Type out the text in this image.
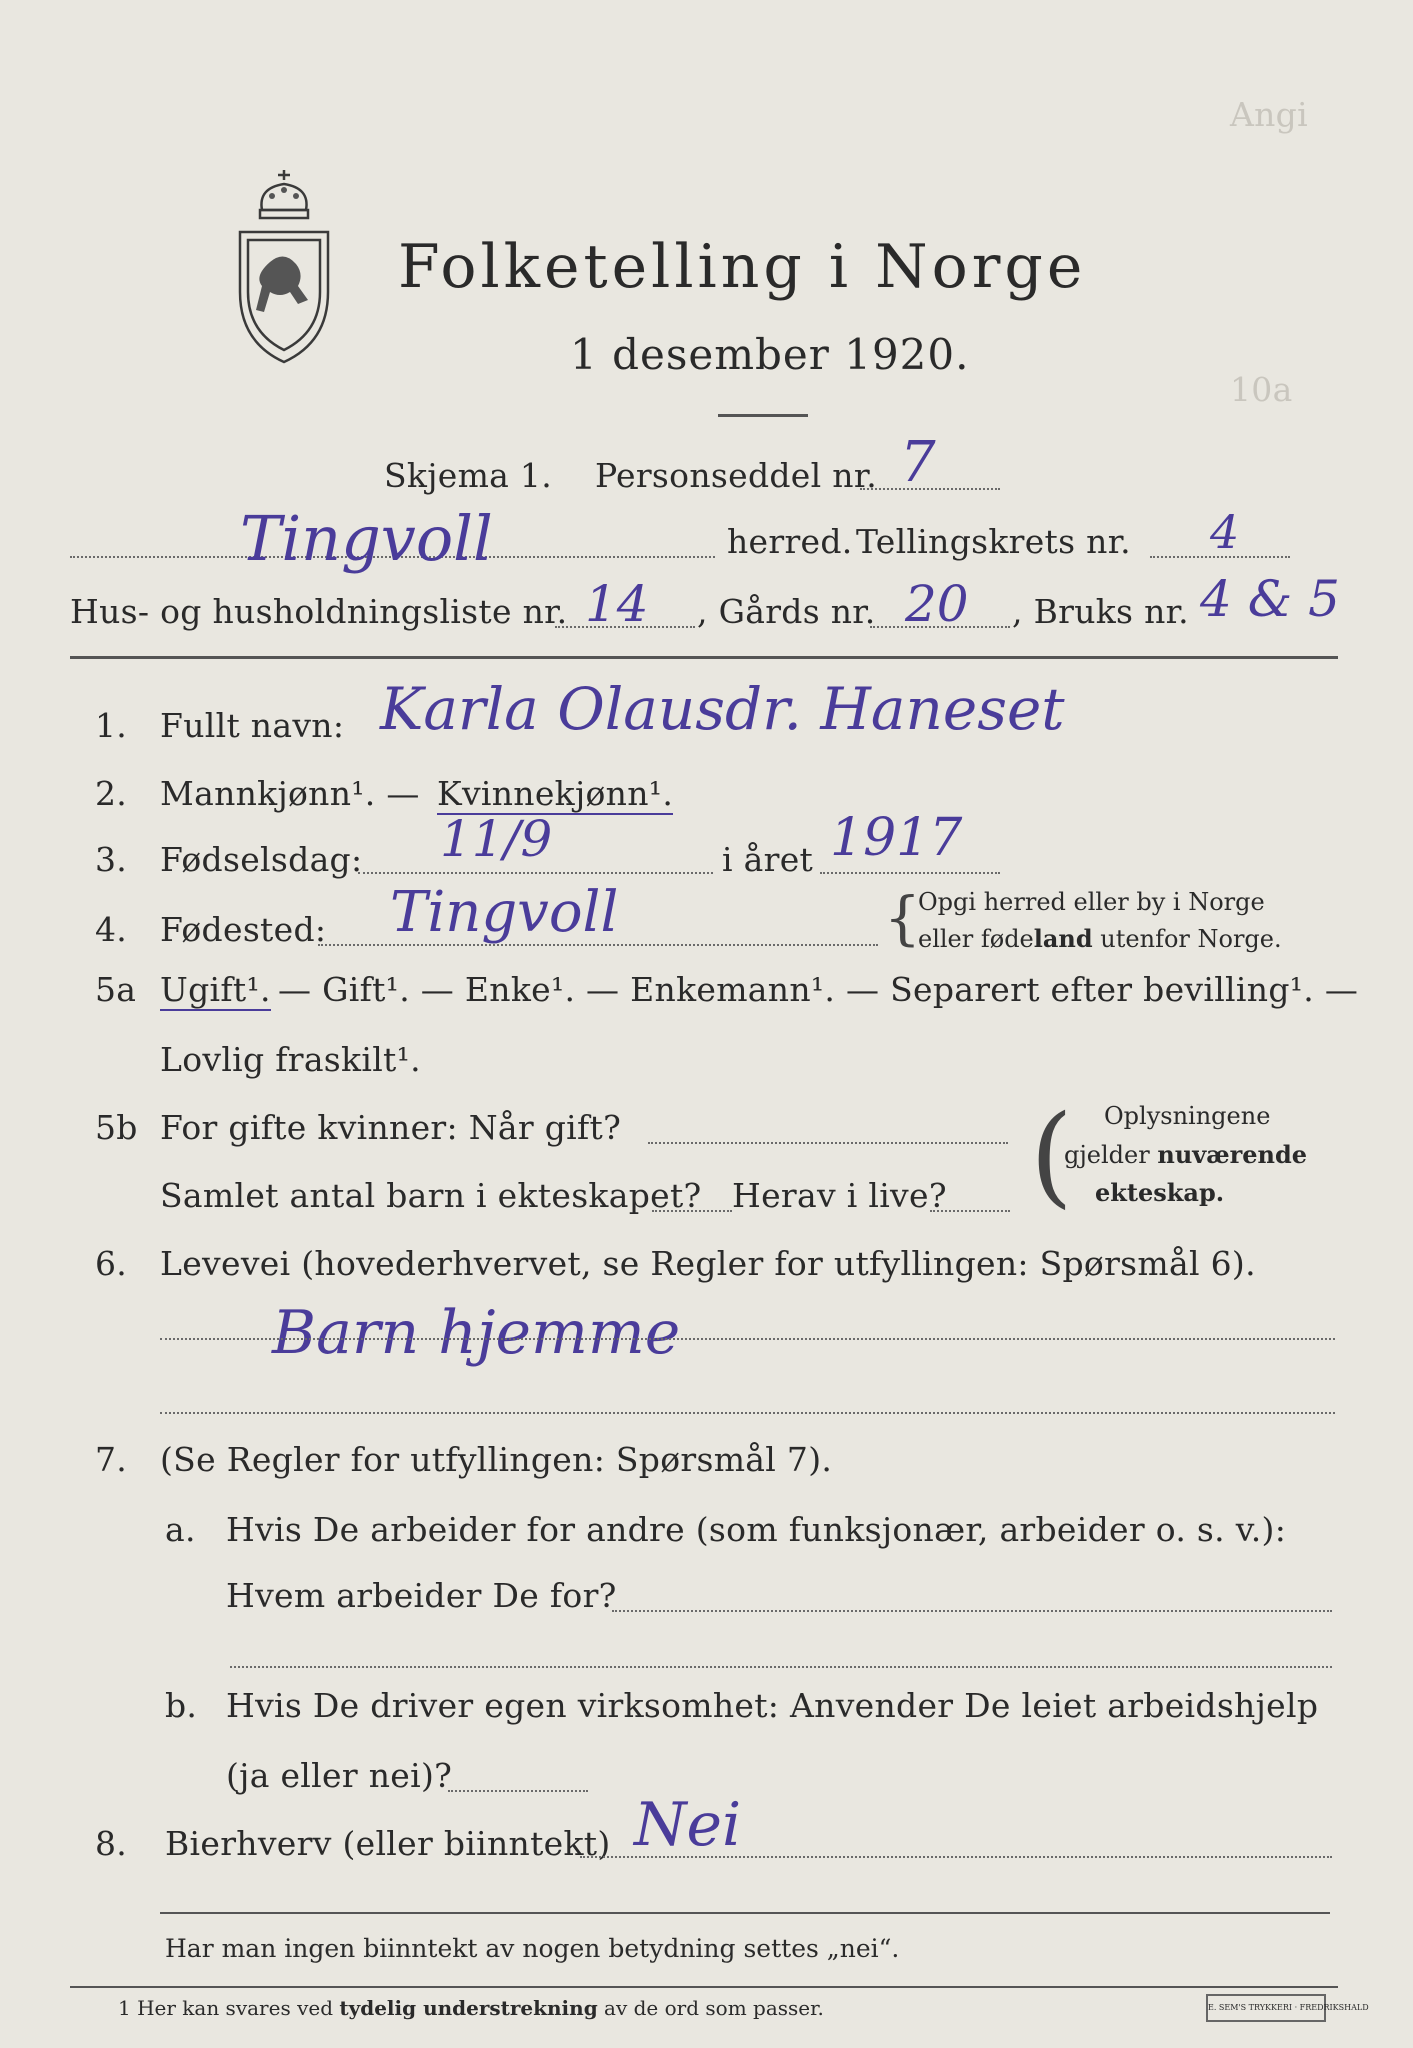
Angi
10a
Folketelling i Norge
1 desember 1920.
Skjema 1. Personseddel nr. 7
Tingvoll	herred. Tellingskrets nr. 4
Hus- og husholdningsliste nr. 14 , Gårds nr. 20 , Bruks nr. 4 & 5
1. Fullt navn: Karla Olausdr. Haneset
2. Mannkjønn¹. — Kvinnekjønn¹.
3. Fødselsdag: 11/9	i året 1917
4. Fødested: Tingvoll	{
Opgi herred eller by i Norge
eller fødeland utenfor Norge.
5a Ugift¹. — Gift¹. — Enke¹. — Enkemann¹. — Separert efter bevilling¹. —
Lovlig fraskilt¹.
5b For gifte kvinner: Når gift?
Samlet antal barn i ekteskapet? Herav i live? ( Oplysningene
gjelder nuværende
ekteskap.
6. Levevei (hovederhvervet, se Regler for utfyllingen: Spørsmål 6).
Barn hjemme
7. (Se Regler for utfyllingen: Spørsmål 7).
a. Hvis De arbeider for andre (som funksjonær, arbeider o. s. v.):
Hvem arbeider De for?
b. Hvis De driver egen virksomhet: Anvender De leiet arbeidshjelp
(ja eller nei)?
8. Bierhverv (eller biinntekt) Nei
Har man ingen biinntekt av nogen betydning settes „nei“.
1 Her kan svares ved tydelig understrekning av de ord som passer.	E. SEM'S TRYKKERI · FREDRIKSHALD
